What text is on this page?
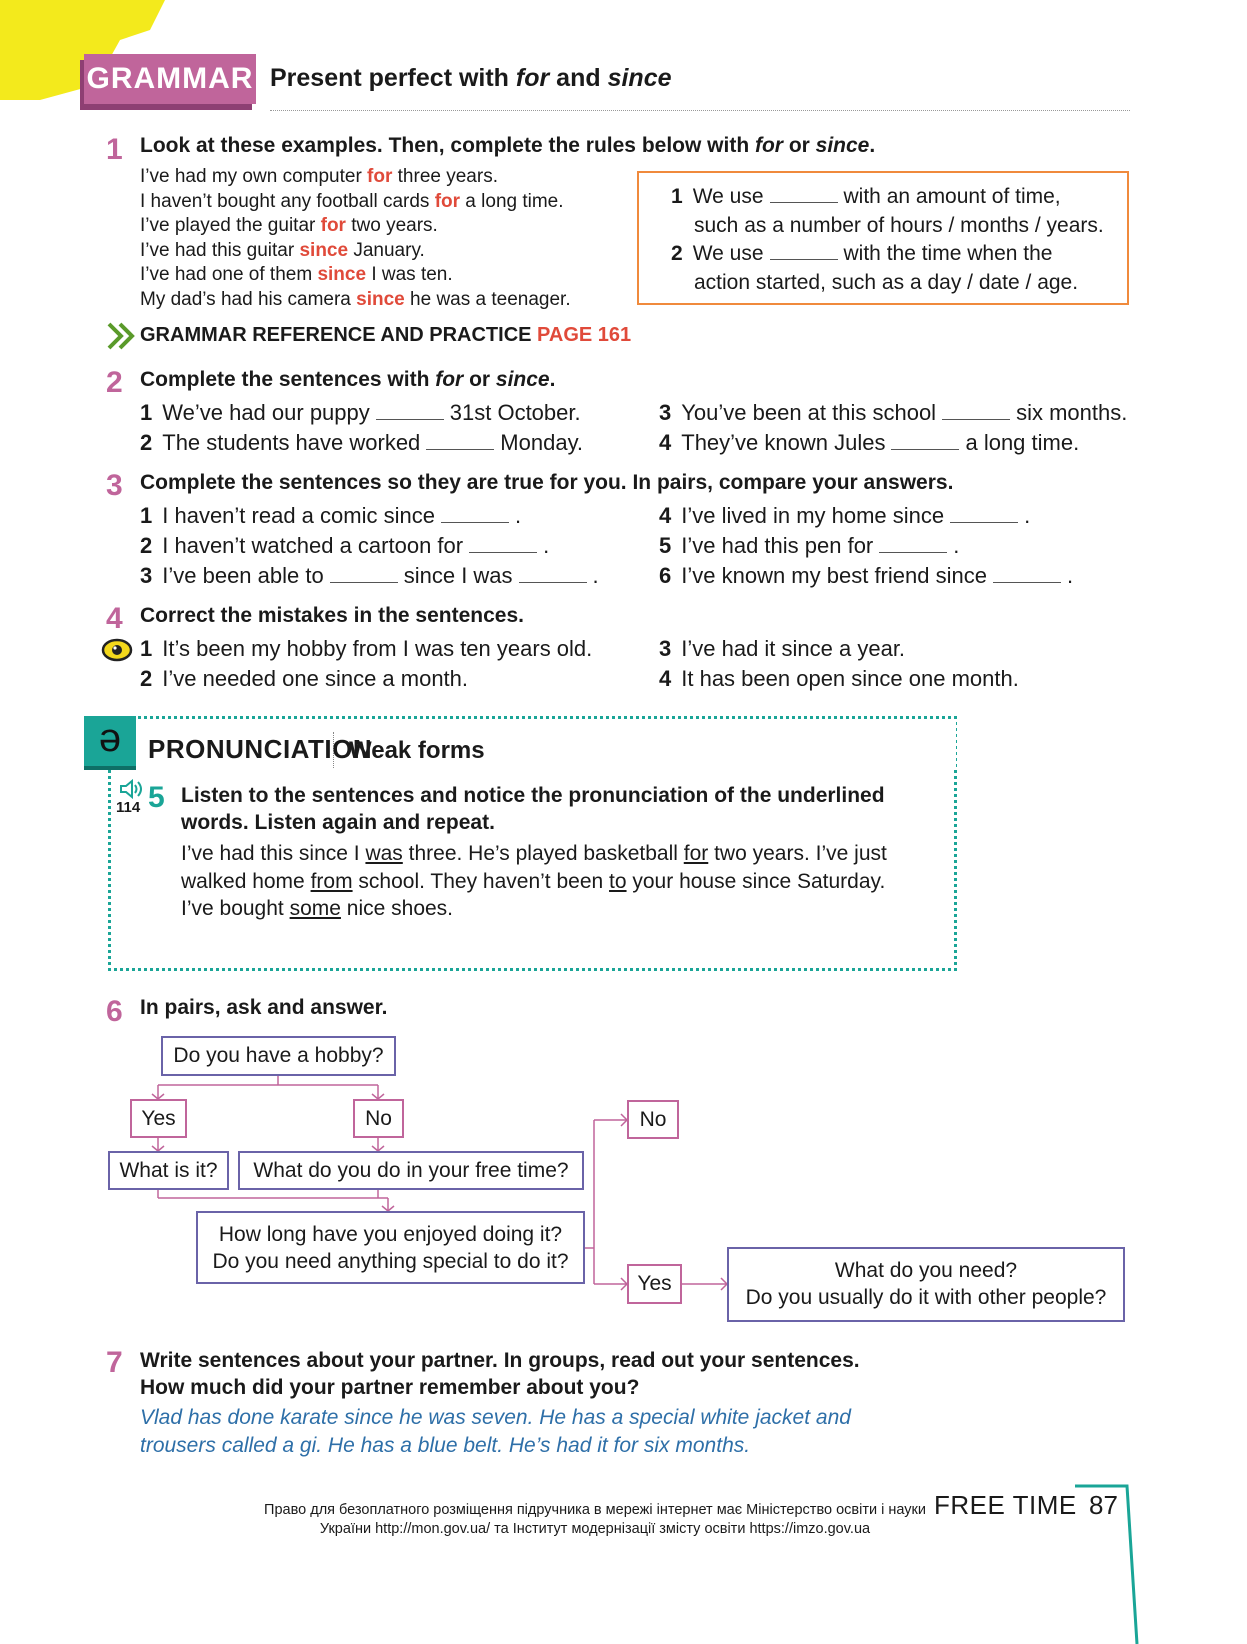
GRAMMAR Present perfect with for and since
1 Look at these examples. Then, complete the rules below with for or since.
I’ve had my own computer for three years.
I haven’t bought any football cards for a long time.
I’ve played the guitar for two years.
I’ve had this guitar since January.
I’ve had one of them since I was ten.
My dad’s had his camera since he was a teenager.
1 We use	with an amount of time,
such as a number of hours / months / years.
2 We use	with the time when the
action started, such as a day / date / age.
GRAMMAR REFERENCE AND PRACTICE PAGE 161
2 Complete the sentences with for or since.
1 We’ve had our puppy	31st October.
2 The students have worked	Monday.
3 You’ve been at this school	six months.
4 They’ve known Jules	a long time.
3 Complete the sentences so they are true for you. In pairs, compare your answers.
1 I haven’t read a comic since	.
2 I haven’t watched a cartoon for	.
3 I’ve been able to	since I was	.
4 I’ve lived in my home since	.
5 I’ve had this pen for	.
6 I’ve known my best friend since	.
4 Correct the mistakes in the sentences.
1 It’s been my hobby from I was ten years old.
2 I’ve needed one since a month.
3 I’ve had it since a year.
4 It has been open since one month.
ə	PRONUNCIATION
Weak forms
114 5 Listen to the sentences and notice the pronunciation of the underlined
words. Listen again and repeat.
I’ve had this since I was three. He’s played basketball for two years. I’ve just
walked home from school. They haven’t been to your house since Saturday.
I’ve bought some nice shoes.
6 In pairs, ask and answer.
Do you have a hobby?
Yes	No
What is it?	What do you do in your free time?
How long have you enjoyed doing it?
Do you need anything special to do it?
No
Yes
What do you need?
Do you usually do it with other people?
7 Write sentences about your partner. In groups, read out your sentences.
How much did your partner remember about you?
Vlad has done karate since he was seven. He has a special white jacket and
trousers called a gi. He has a blue belt. He’s had it for six months.
Право для безоплатного розміщення підручника в мережі інтернет має Міністерство освіти і науки
України http://mon.gov.ua/ та Інститут модернізації змісту освіти https://imzo.gov.ua
FREE TIME 87
